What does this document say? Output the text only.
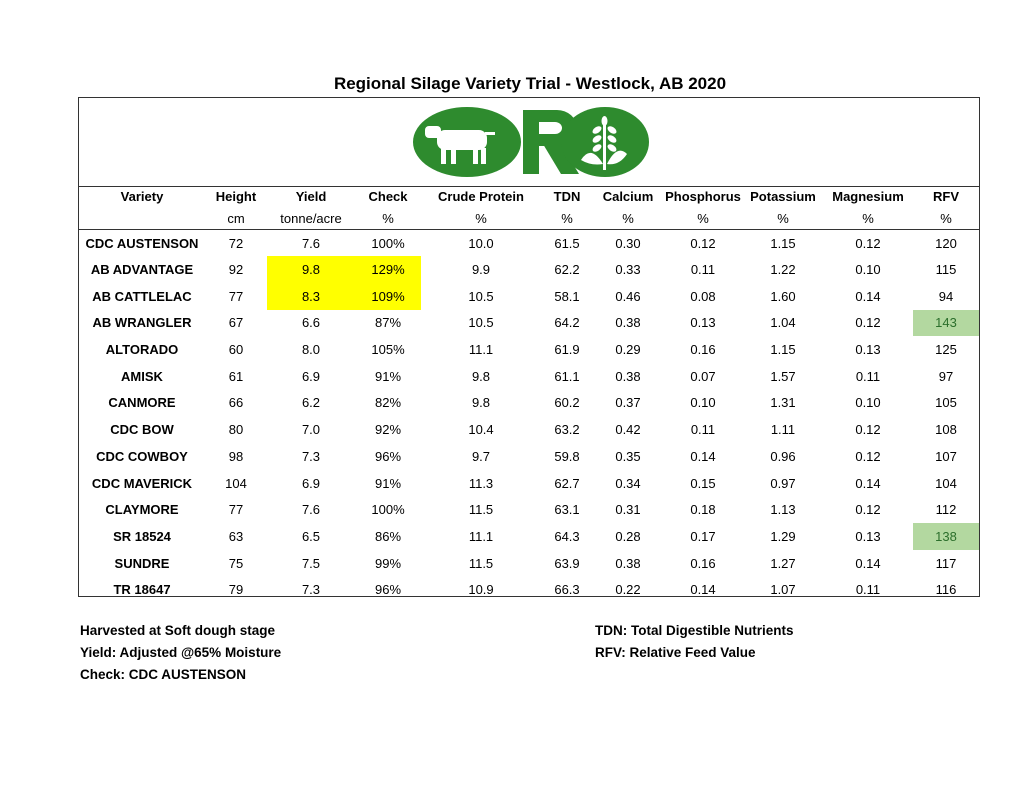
Regional Silage Variety Trial - Westlock, AB 2020
Variety	Height	Yield	Check	Crude Protein	TDN	Calcium	Phosphorus	Potassium	Magnesium	RFV
	cm	tonne/acre	%	%	%	%	%	%	%	%
CDC AUSTENSON	72	7.6	100%	10.0	61.5	0.30	0.12	1.15	0.12	120
AB ADVANTAGE	92	9.8	129%	9.9	62.2	0.33	0.11	1.22	0.10	115
AB CATTLELAC	77	8.3	109%	10.5	58.1	0.46	0.08	1.60	0.14	94
AB WRANGLER	67	6.6	87%	10.5	64.2	0.38	0.13	1.04	0.12	143
ALTORADO	60	8.0	105%	11.1	61.9	0.29	0.16	1.15	0.13	125
AMISK	61	6.9	91%	9.8	61.1	0.38	0.07	1.57	0.11	97
CANMORE	66	6.2	82%	9.8	60.2	0.37	0.10	1.31	0.10	105
CDC BOW	80	7.0	92%	10.4	63.2	0.42	0.11	1.11	0.12	108
CDC COWBOY	98	7.3	96%	9.7	59.8	0.35	0.14	0.96	0.12	107
CDC MAVERICK	104	6.9	91%	11.3	62.7	0.34	0.15	0.97	0.14	104
CLAYMORE	77	7.6	100%	11.5	63.1	0.31	0.18	1.13	0.12	112
SR 18524	63	6.5	86%	11.1	64.3	0.28	0.17	1.29	0.13	138
SUNDRE	75	7.5	99%	11.5	63.9	0.38	0.16	1.27	0.14	117
TR 18647	79	7.3	96%	10.9	66.3	0.22	0.14	1.07	0.11	116
Harvested at Soft dough stage
Yield: Adjusted @65% Moisture
Check: CDC AUSTENSON
TDN: Total Digestible Nutrients
RFV: Relative Feed Value
